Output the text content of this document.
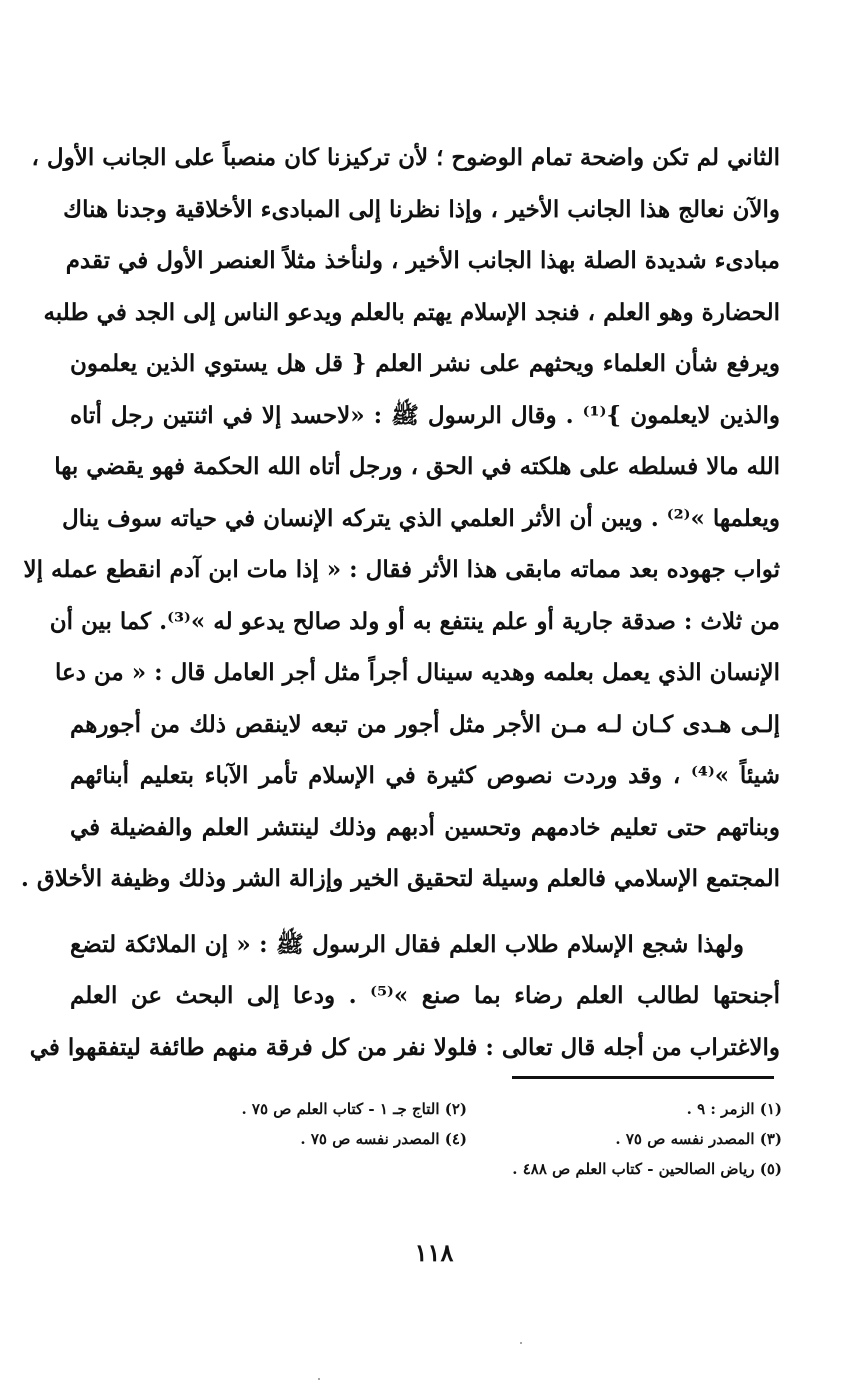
الثاني لم تكن واضحة تمام الوضوح ؛ لأن تركيزنا كان منصباً على الجانب الأول ،
والآن نعالج هذا الجانب الأخير ، وإذا نظرنا إلى المبادىء الأخلاقية وجدنا هناك
مبادىء شديدة الصلة بهذا الجانب الأخير ، ولنأخذ مثلاً العنصر الأول في تقدم
الحضارة وهو العلم ، فنجد الإسلام يهتم بالعلم ويدعو الناس إلى الجد في طلبه
ويرفع شأن العلماء ويحثهم على نشر العلم { قل هل يستوي الذين يعلمون
والذين لايعلمون }⁽¹⁾ . وقال الرسول ﷺ : «لاحسد إلا في اثنتين رجل أتاه
الله مالا فسلطه على هلكته في الحق ، ورجل أتاه الله الحكمة فهو يقضي بها
ويعلمها »⁽²⁾ . ويبن أن الأثر العلمي الذي يتركه الإنسان في حياته سوف ينال
ثواب جهوده بعد مماته مابقى هذا الأثر فقال : « إذا مات ابن آدم انقطع عمله إلا
من ثلاث : صدقة جارية أو علم ينتفع به أو ولد صالح يدعو له »⁽³⁾. كما بين أن
الإنسان الذي يعمل بعلمه وهديه سينال أجراً مثل أجر العامل قال : « من دعا
إلـى هـدى كـان لـه مـن الأجر مثل أجور من تبعه لاينقص ذلك من أجورهم
شيئاً »⁽⁴⁾ ، وقد وردت نصوص كثيرة في الإسلام تأمر الآباء بتعليم أبنائهم
وبناتهم حتى تعليم خادمهم وتحسين أدبهم وذلك لينتشر العلم والفضيلة في
المجتمع الإسلامي فالعلم وسيلة لتحقيق الخير وإزالة الشر وذلك وظيفة الأخلاق .
ولهذا شجع الإسلام طلاب العلم فقال الرسول ﷺ : « إن الملائكة لتضع
أجنحتها لطالب العلم رضاء بما صنع »⁽⁵⁾ . ودعا إلى البحث عن العلم
والاغتراب من أجله قال تعالى : فلولا نفر من كل فرقة منهم طائفة ليتفقهوا في
(١) الزمر : ٩ .
(٢) التاج جـ ١ - كتاب العلم ص ٧٥ .
(٣) المصدر نفسه ص ٧٥ .
(٤) المصدر نفسه ص ٧٥ .
(٥) رياض الصالحين - كتاب العلم ص ٤٨٨ .
١١٨
